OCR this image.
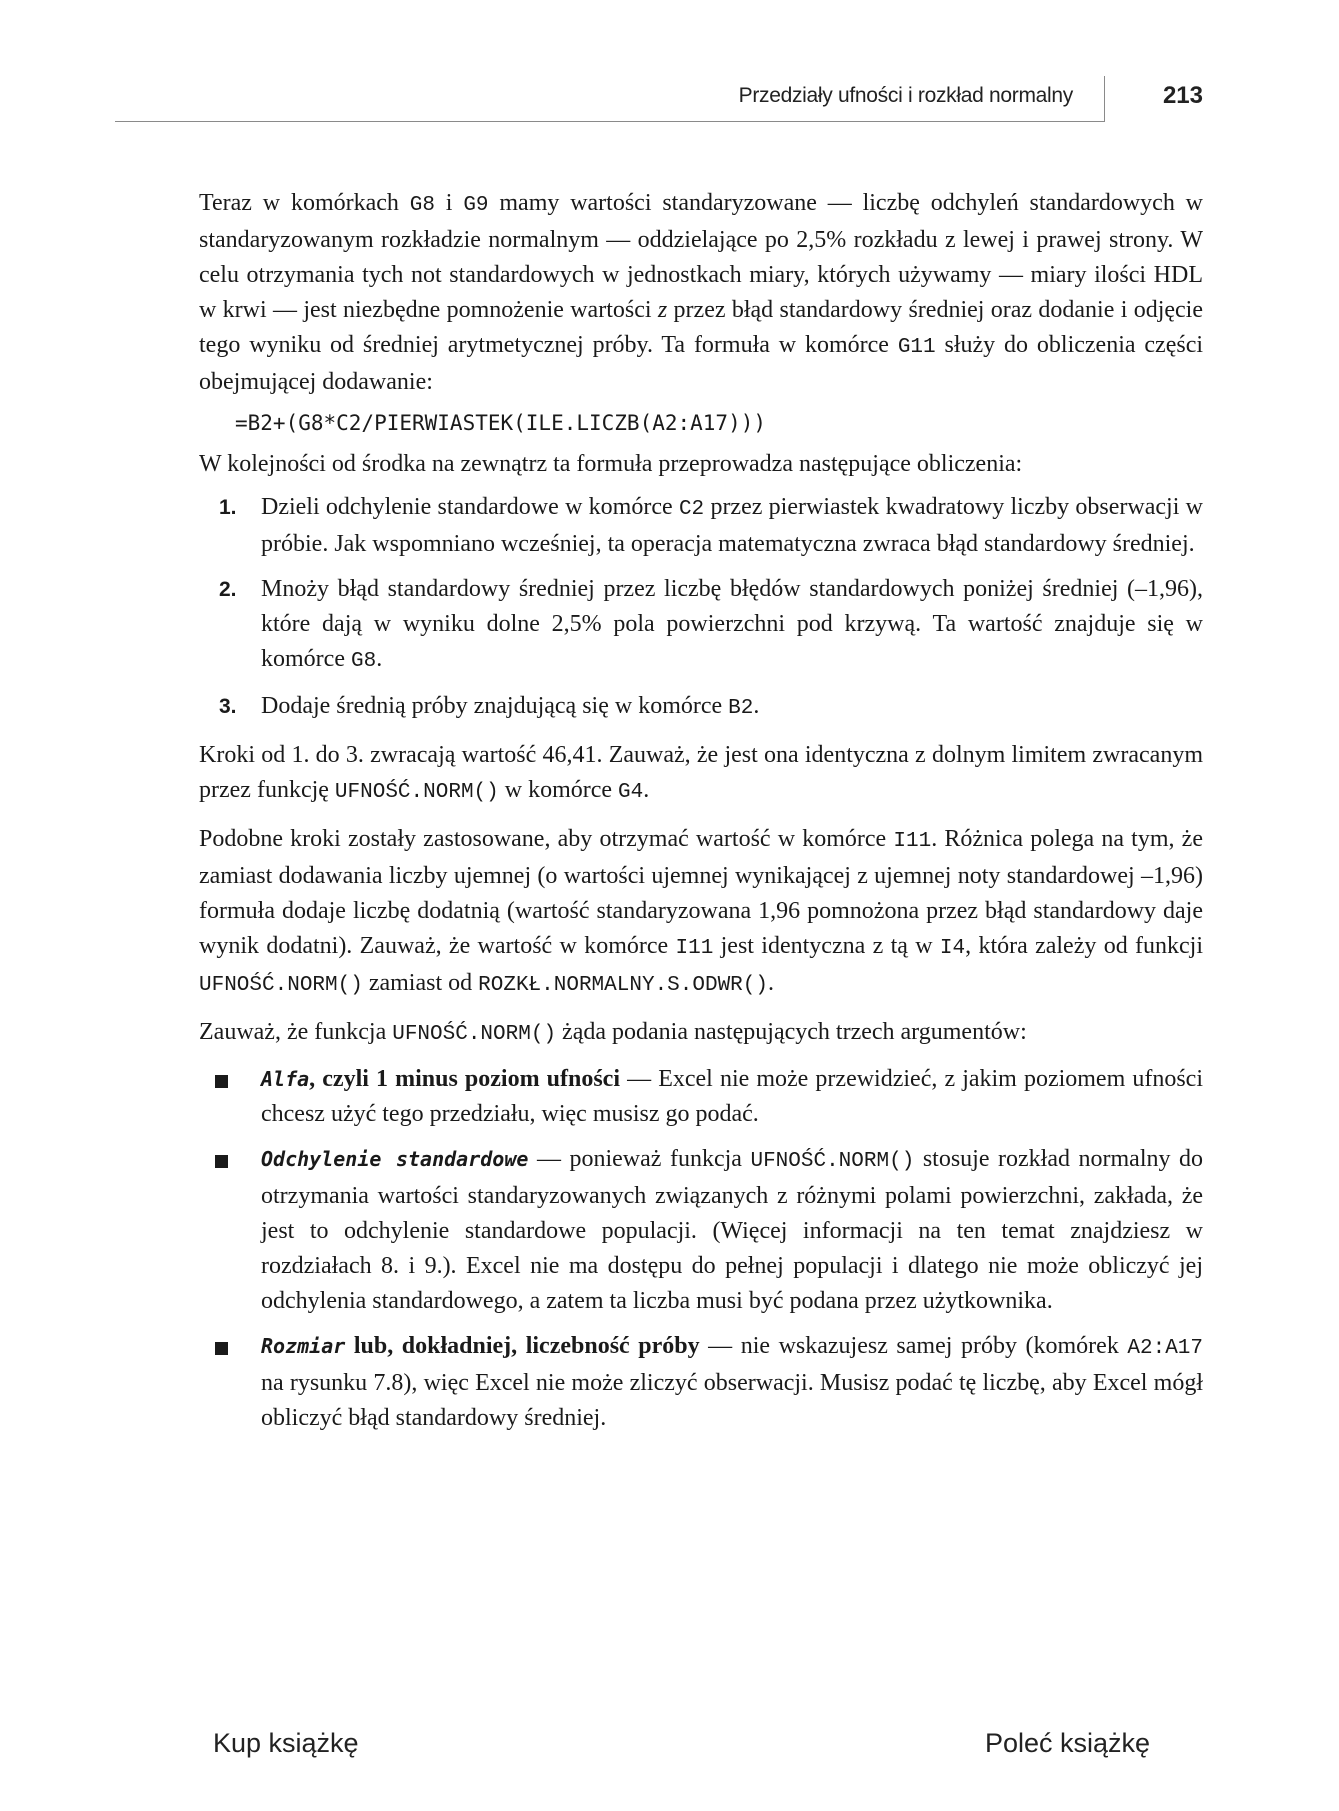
Przedziały ufności i rozkład normalny	213

Teraz w komórkach G8 i G9 mamy wartości standaryzowane — liczbę odchyleń standardowych w standaryzowanym rozkładzie normalnym — oddzielające po 2,5% rozkładu z lewej i prawej strony. W celu otrzymania tych not standardowych w jednostkach miary, których używamy — miary ilości HDL w krwi — jest niezbędne pomnożenie wartości z przez błąd standardowy średniej oraz dodanie i odjęcie tego wyniku od średniej arytmetycznej próby. Ta formuła w komórce G11 służy do obliczenia części obejmującej dodawanie:

=B2+(G8*C2/PIERWIASTEK(ILE.LICZB(A2:A17)))

W kolejności od środka na zewnątrz ta formuła przeprowadza następujące obliczenia:

1. Dzieli odchylenie standardowe w komórce C2 przez pierwiastek kwadratowy liczby obserwacji w próbie. Jak wspomniano wcześniej, ta operacja matematyczna zwraca błąd standardowy średniej.
2. Mnoży błąd standardowy średniej przez liczbę błędów standardowych poniżej średniej (–1,96), które dają w wyniku dolne 2,5% pola powierzchni pod krzywą. Ta wartość znajduje się w komórce G8.
3. Dodaje średnią próby znajdującą się w komórce B2.

Kroki od 1. do 3. zwracają wartość 46,41. Zauważ, że jest ona identyczna z dolnym limitem zwracanym przez funkcję UFNOŚĆ.NORM() w komórce G4.

Podobne kroki zostały zastosowane, aby otrzymać wartość w komórce I11. Różnica polega na tym, że zamiast dodawania liczby ujemnej (o wartości ujemnej wynikającej z ujemnej noty standardowej –1,96) formuła dodaje liczbę dodatnią (wartość standaryzowana 1,96 pomnożona przez błąd standardowy daje wynik dodatni). Zauważ, że wartość w komórce I11 jest identyczna z tą w I4, która zależy od funkcji UFNOŚĆ.NORM() zamiast od ROZKŁ.NORMALNY.S.ODWR().

Zauważ, że funkcja UFNOŚĆ.NORM() żąda podania następujących trzech argumentów:

Alfa, czyli 1 minus poziom ufności — Excel nie może przewidzieć, z jakim poziomem ufności chcesz użyć tego przedziału, więc musisz go podać.
Odchylenie standardowe — ponieważ funkcja UFNOŚĆ.NORM() stosuje rozkład normalny do otrzymania wartości standaryzowanych związanych z różnymi polami powierzchni, zakłada, że jest to odchylenie standardowe populacji. (Więcej informacji na ten temat znajdziesz w rozdziałach 8. i 9.). Excel nie ma dostępu do pełnej populacji i dlatego nie może obliczyć jej odchylenia standardowego, a zatem ta liczba musi być podana przez użytkownika.
Rozmiar lub, dokładniej, liczebność próby — nie wskazujesz samej próby (komórek A2:A17 na rysunku 7.8), więc Excel nie może zliczyć obserwacji. Musisz podać tę liczbę, aby Excel mógł obliczyć błąd standardowy średniej.
Kup książkę	Poleć książkę
